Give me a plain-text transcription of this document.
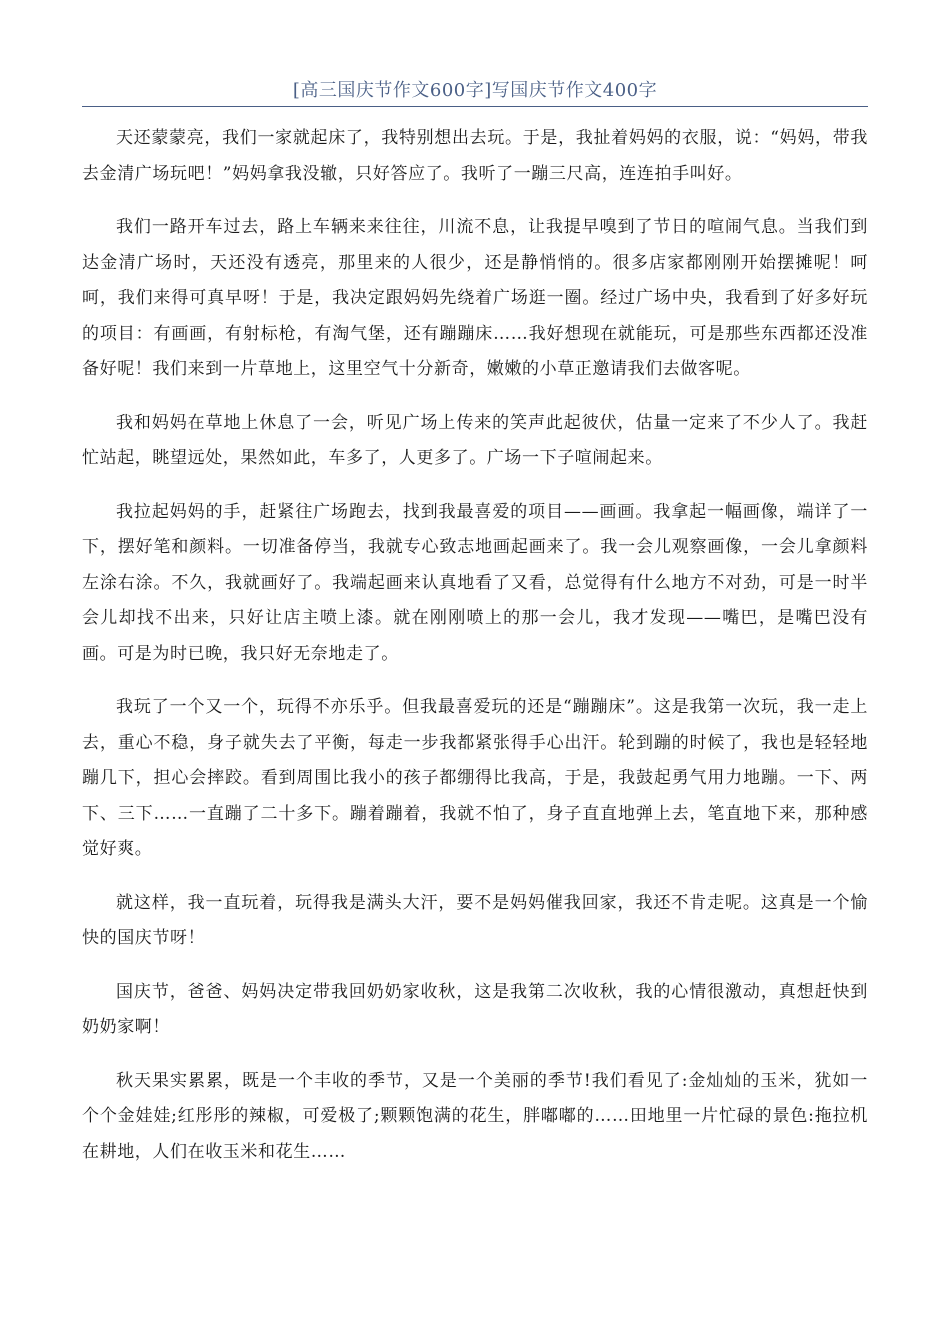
[高三国庆节作文600字]写国庆节作文400字

天还蒙蒙亮，我们一家就起床了，我特别想出去玩。于是，我扯着妈妈的衣服，说：“妈妈，带我去金清广场玩吧！”妈妈拿我没辙，只好答应了。我听了一蹦三尺高，连连拍手叫好。

我们一路开车过去，路上车辆来来往往，川流不息，让我提早嗅到了节日的喧闹气息。当我们到达金清广场时，天还没有透亮，那里来的人很少，还是静悄悄的。很多店家都刚刚开始摆摊呢！呵呵，我们来得可真早呀！于是，我决定跟妈妈先绕着广场逛一圈。经过广场中央，我看到了好多好玩的项目：有画画，有射标枪，有淘气堡，还有蹦蹦床……我好想现在就能玩，可是那些东西都还没准备好呢！我们来到一片草地上，这里空气十分新奇，嫩嫩的小草正邀请我们去做客呢。

我和妈妈在草地上休息了一会，听见广场上传来的笑声此起彼伏，估量一定来了不少人了。我赶忙站起，眺望远处，果然如此，车多了，人更多了。广场一下子喧闹起来。

我拉起妈妈的手，赶紧往广场跑去，找到我最喜爱的项目——画画。我拿起一幅画像，端详了一下，摆好笔和颜料。一切准备停当，我就专心致志地画起画来了。我一会儿观察画像，一会儿拿颜料左涂右涂。不久，我就画好了。我端起画来认真地看了又看，总觉得有什么地方不对劲，可是一时半会儿却找不出来，只好让店主喷上漆。就在刚刚喷上的那一会儿，我才发现——嘴巴，是嘴巴没有画。可是为时已晚，我只好无奈地走了。

我玩了一个又一个，玩得不亦乐乎。但我最喜爱玩的还是“蹦蹦床”。这是我第一次玩，我一走上去，重心不稳，身子就失去了平衡，每走一步我都紧张得手心出汗。轮到蹦的时候了，我也是轻轻地蹦几下，担心会摔跤。看到周围比我小的孩子都绷得比我高，于是，我鼓起勇气用力地蹦。一下、两下、三下……一直蹦了二十多下。蹦着蹦着，我就不怕了，身子直直地弹上去，笔直地下来，那种感觉好爽。

就这样，我一直玩着，玩得我是满头大汗，要不是妈妈催我回家，我还不肯走呢。这真是一个愉快的国庆节呀！

国庆节，爸爸、妈妈决定带我回奶奶家收秋，这是我第二次收秋，我的心情很激动，真想赶快到奶奶家啊！

秋天果实累累，既是一个丰收的季节，又是一个美丽的季节!我们看见了:金灿灿的玉米，犹如一个个金娃娃;红彤彤的辣椒，可爱极了;颗颗饱满的花生，胖嘟嘟的……田地里一片忙碌的景色:拖拉机在耕地，人们在收玉米和花生……
